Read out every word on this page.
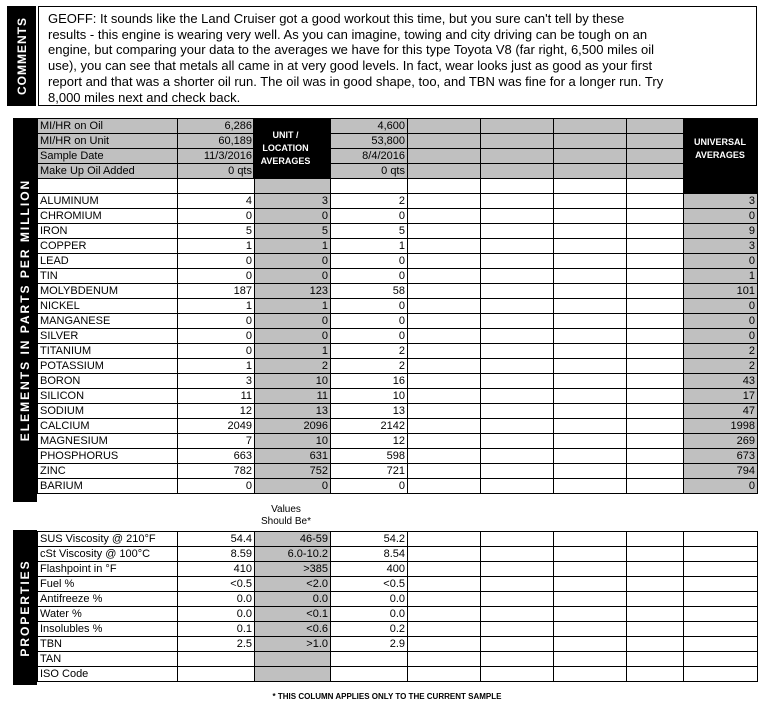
COMMENTS GEOFF: It sounds like the Land Cruiser got a good workout this time, but you sure can't tell by these
results - this engine is wearing very well. As you can imagine, towing and city driving can be tough on an
engine, but comparing your data to the averages we have for this type Toyota V8 (far right, 6,500 miles oil
use), you can see that metals all came in at very good levels. In fact, wear looks just as good as your first
report and that was a shorter oil run. The oil was in good shape, too, and TBN was fine for a longer run. Try
8,000 miles next and check back.
ELEMENTS IN PARTS PER MILLION
PROPERTIES
MI/HR on Oil	6,286		4,600					
MI/HR on Unit	60,189		53,800					
Sample Date	11/3/2016		8/4/2016					
Make Up Oil Added	0 qts		0 qts					

ALUMINUM	4	3	2					3
CHROMIUM	0	0	0					0
IRON	5	5	5					9
COPPER	1	1	1					3
LEAD	0	0	0					0
TIN	0	0	0					1
MOLYBDENUM	187	123	58					101
NICKEL	1	1	0					0
MANGANESE	0	0	0					0
SILVER	0	0	0					0
TITANIUM	0	1	2					2
POTASSIUM	1	2	2					2
BORON	3	10	16					43
SILICON	11	11	10					17
SODIUM	12	13	13					47
CALCIUM	2049	2096	2142					1998
MAGNESIUM	7	10	12					269
PHOSPHORUS	663	631	598					673
ZINC	782	752	721					794
BARIUM	0	0	0					0
UNIT /
LOCATION
AVERAGES
UNIVERSAL
AVERAGES
Values
Should Be*
SUS Viscosity @ 210°F	54.4	46-59	54.2					
cSt Viscosity @ 100°C	8.59	6.0-10.2	8.54					
Flashpoint in °F	410	>385	400					
Fuel %	<0.5	<2.0	<0.5					
Antifreeze %	0.0	0.0	0.0					
Water %	0.0	<0.1	0.0					
Insolubles %	0.1	<0.6	0.2					
TBN	2.5	>1.0	2.9					
TAN								
ISO Code								
* THIS COLUMN APPLIES ONLY TO THE CURRENT SAMPLE
